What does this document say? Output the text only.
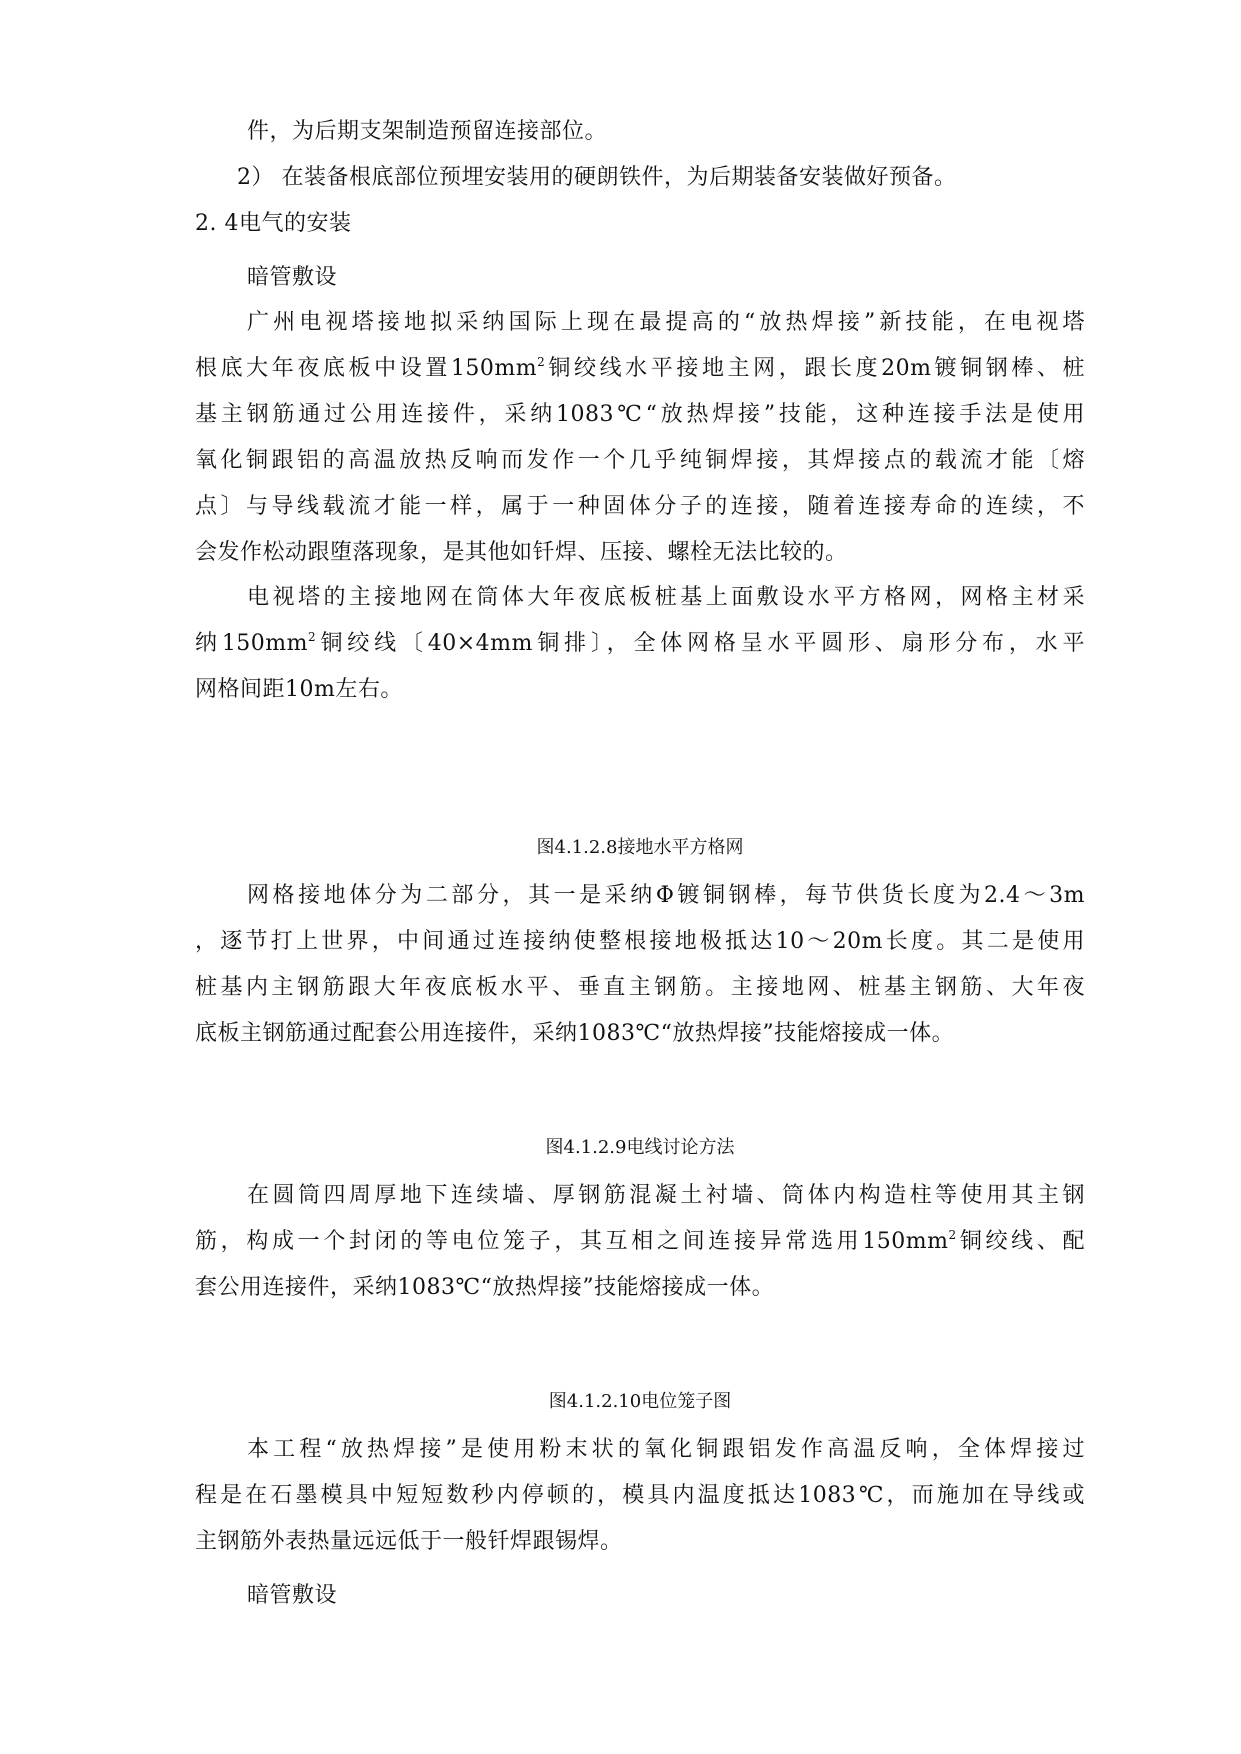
件，为后期支架制造预留连接部位。
2） 在装备根底部位预埋安装用的硬朗铁件，为后期装备安装做好预备。
2. 4电气的安装
暗管敷设
广州电视塔接地拟采纳国际上现在最提高的“放热焊接”新技能，在电视塔
根底大年夜底板中设置$150mm^2$铜绞线水平接地主网，跟长度20m镀铜钢棒、桩
基主钢筋通过公用连接件，采纳1083℃“放热焊接”技能，这种连接手法是使用
氧化铜跟铝的高温放热反响而发作一个几乎纯铜焊接，其焊接点的载流才能〔熔
点〕与导线载流才能一样，属于一种固体分子的连接，随着连接寿命的连续，不
会发作松动跟堕落现象，是其他如钎焊、压接、螺栓无法比较的。
电视塔的主接地网在筒体大年夜底板桩基上面敷设水平方格网，网格主材采
纳$150mm^2$铜绞线〔40×4mm铜排〕，全体网格呈水平圆形、扇形分布，水平
网格间距10m左右。
图4.1.2.8接地水平方格网
网格接地体分为二部分，其一是采纳Φ镀铜钢棒，每节供货长度为2.4～3m
，逐节打上世界，中间通过连接纳使整根接地极抵达10～20m长度。其二是使用
桩基内主钢筋跟大年夜底板水平、垂直主钢筋。主接地网、桩基主钢筋、大年夜
底板主钢筋通过配套公用连接件，采纳1083℃“放热焊接”技能熔接成一体。
图4.1.2.9电线讨论方法
在圆筒四周厚地下连续墙、厚钢筋混凝土衬墙、筒体内构造柱等使用其主钢
筋，构成一个封闭的等电位笼子，其互相之间连接异常选用$150mm^2$铜绞线、配
套公用连接件，采纳1083℃“放热焊接”技能熔接成一体。
图4.1.2.10电位笼子图
本工程“放热焊接”是使用粉末状的氧化铜跟铝发作高温反响，全体焊接过
程是在石墨模具中短短数秒内停顿的，模具内温度抵达1083℃，而施加在导线或
主钢筋外表热量远远低于一般钎焊跟锡焊。
暗管敷设
